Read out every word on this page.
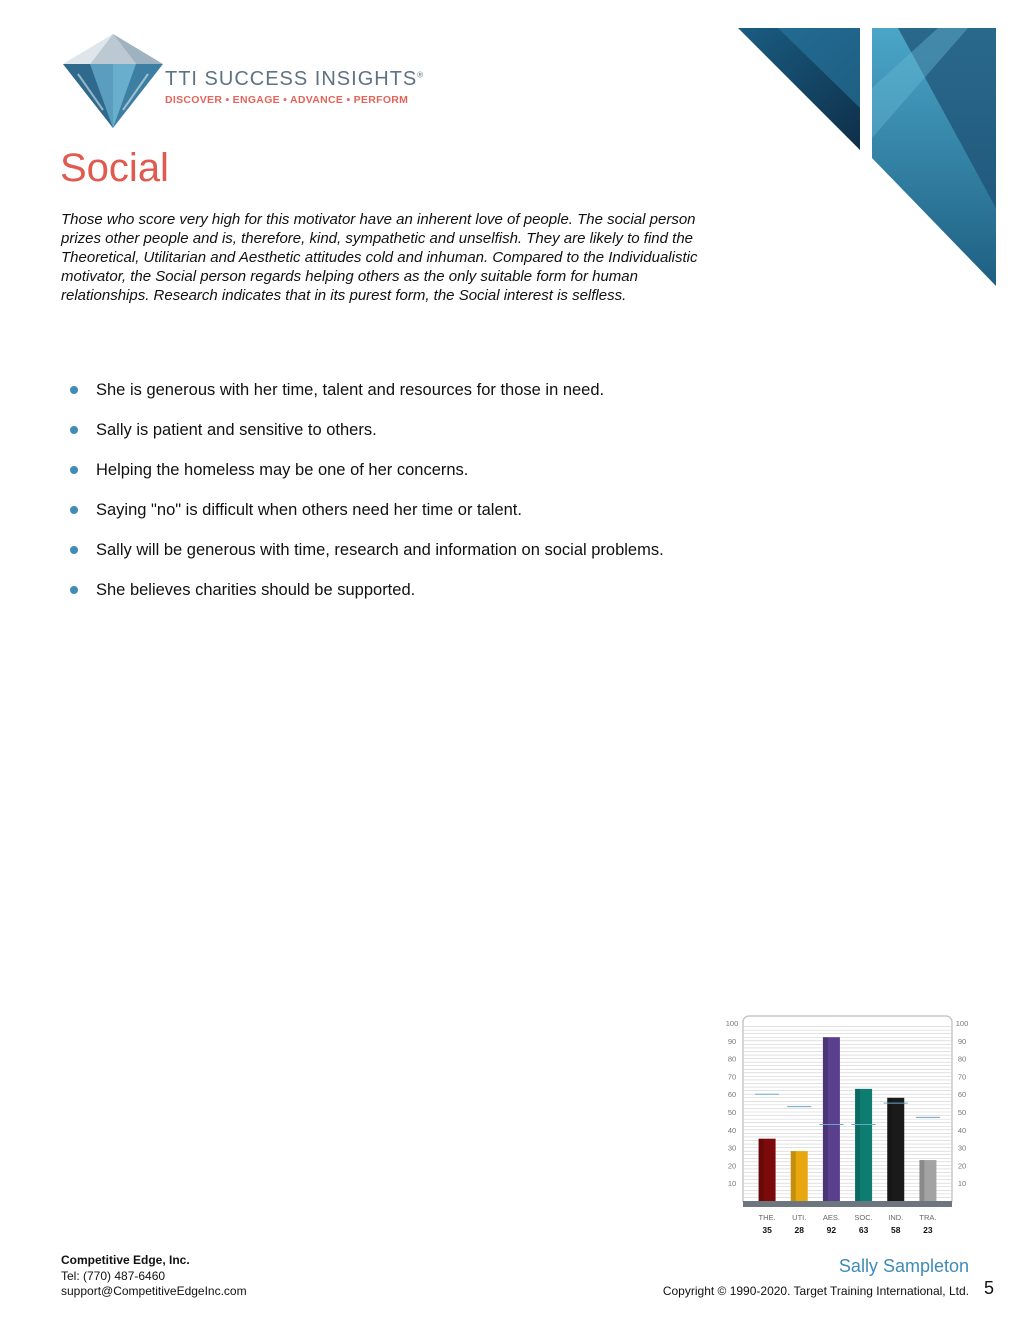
TTI SUCCESS INSIGHTS®
DISCOVER • ENGAGE • ADVANCE • PERFORM
Social
Those who score very high for this motivator have an inherent love of people. The social person prizes other people and is, therefore, kind, sympathetic and unselfish. They are likely to find the Theoretical, Utilitarian and Aesthetic attitudes cold and inhuman. Compared to the Individualistic motivator, the Social person regards helping others as the only suitable form for human relationships. Research indicates that in its purest form, the Social interest is selfless.
She is generous with her time, talent and resources for those in need.
Sally is patient and sensitive to others.
Helping the homeless may be one of her concerns.
Saying "no" is difficult when others need her time or talent.
Sally will be generous with time, research and information on social problems.
She believes charities should be supported.
10	10
20	20
30	30
40	40
50	50
60	60
70	70
80	80
90	90
100	100
THE.
35
UTI.
28
AES.
92
SOC.
63
IND.
58
TRA.
23
Competitive Edge, Inc.
Tel: (770) 487-6460
support@CompetitiveEdgeInc.com
Sally Sampleton
Copyright © 1990-2020. Target Training International, Ltd. 5
